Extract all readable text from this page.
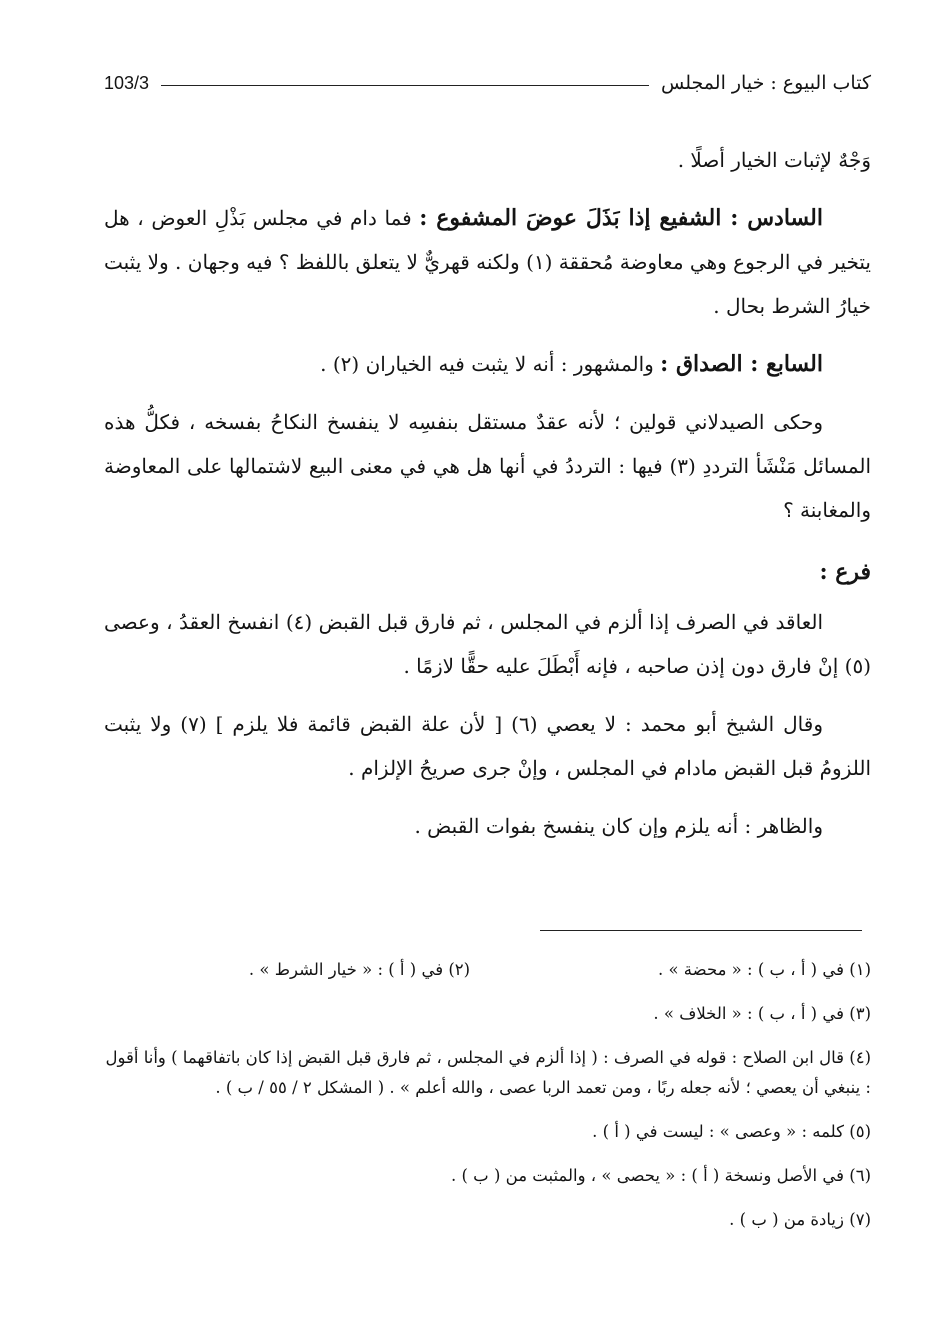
كتاب البيوع : خيار المجلس
103/3

وَجْهٌ لإثبات الخيار أصلًا .

السادس : الشفيع إذا بَذَلَ عوضَ المشفوع : فما دام في مجلس بَذْلِ العوض ، هل يتخير في الرجوع وهي معاوضة مُحققة (١) ولكنه قهريٌّ لا يتعلق باللفظ ؟ فيه وجهان . ولا يثبت خيارُ الشرط بحال .

السابع : الصداق : والمشهور : أنه لا يثبت فيه الخياران (٢) .

وحكى الصيدلاني قولين ؛ لأنه عقدٌ مستقل بنفسِه لا ينفسخ النكاحُ بفسخه ، فكلُّ هذه المسائل مَنْشَأ الترددِ (٣) فيها : الترددُ في أنها هل هي في معنى البيع لاشتمالها على المعاوضة والمغابنة ؟

فرع :

العاقد في الصرف إذا ألزم في المجلس ، ثم فارق قبل القبض (٤) انفسخ العقدُ ، وعصى (٥) إنْ فارق دون إذن صاحبه ، فإنه أَبْطَلَ عليه حقًّا لازمًا .

وقال الشيخ أبو محمد : لا يعصي (٦) [ لأن علة القبض قائمة فلا يلزم ] (٧) ولا يثبت اللزومُ قبل القبض مادام في المجلس ، وإنْ جرى صريحُ الإلزام .

والظاهر : أنه يلزم وإن كان ينفسخ بفوات القبض .

(١) في ( أ ، ب ) : « محضة » .
(٢) في ( أ ) : « خيار الشرط » .
(٣) في ( أ ، ب ) : « الخلاف » .
(٤) قال ابن الصلاح : قوله في الصرف : ( إذا ألزم في المجلس ، ثم فارق قبل القبض إذا كان باتفاقهما ) وأنا أقول : ينبغي أن يعصي ؛ لأنه جعله ربًا ، ومن تعمد الربا عصى ، والله أعلم » . ( المشكل ٢ / ٥٥ / ب ) .
(٥) كلمه : « وعصى » : ليست في ( أ ) .
(٦) في الأصل ونسخة ( أ ) : « يحصى » ، والمثبت من ( ب ) .
(٧) زيادة من ( ب ) .
